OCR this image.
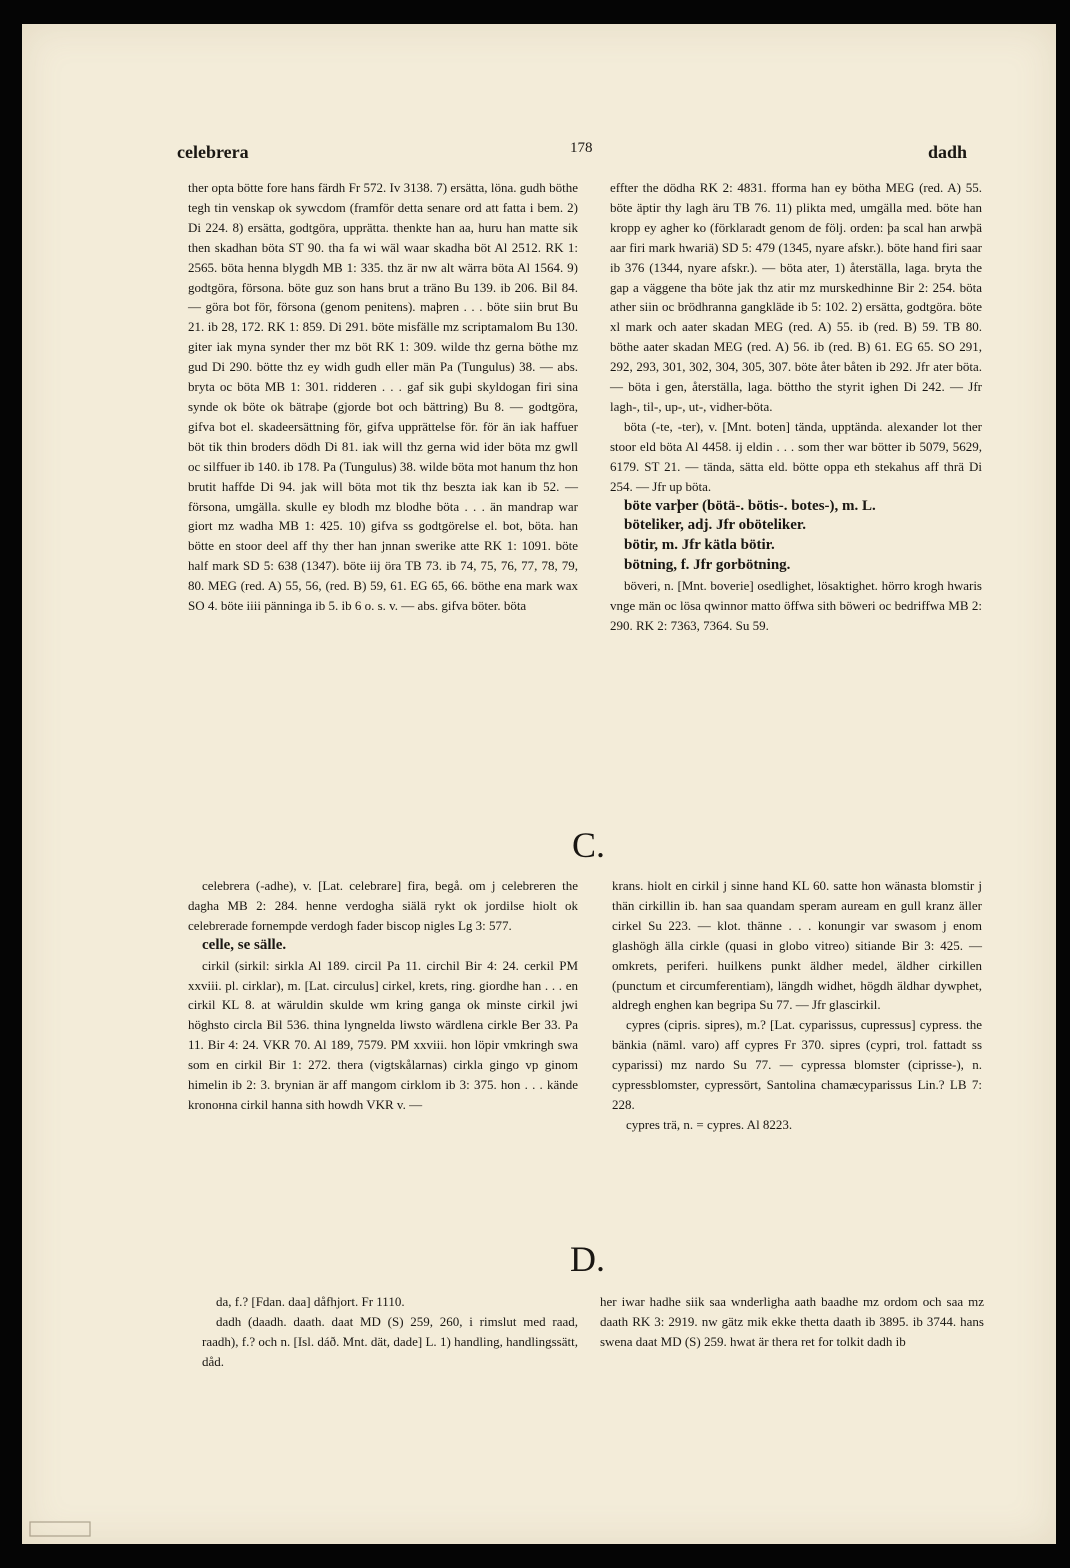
celebrera	178	dadh

ther opta bötte fore hans färdh Fr 572. Iv 3138. 7) ersätta, löna. gudh böthe tegh tin venskap ok sywcdom (framför detta senare ord att fatta i bem. 2) Di 224. 8) ersätta, godtgöra, upprätta. thenkte han aa, huru han matte sik then skadhan böta ST 90. tha fa wi wäl waar skadha böt Al 2512. RK 1: 2565. böta henna blygdh MB 1: 335. thz är nw alt wärra böta Al 1564. 9) godtgöra, försona. böte guz son hans brut a träno Bu 139. ib 206. Bil 84. — göra bot för, försona (genom penitens). maþren . . . böte siin brut Bu 21. ib 28, 172. RK 1: 859. Di 291. böte misfälle mz scriptamalom Bu 130. giter iak myna synder ther mz böt RK 1: 309. wilde thz gerna böthe mz gud Di 290. bötte thz ey widh gudh eller män Pa (Tungulus) 38. — abs. bryta oc böta MB 1: 301. ridderen . . . gaf sik guþi skyldogan firi sina synde ok böte ok bätraþe (gjorde bot och bättring) Bu 8. — godtgöra, gifva bot el. skadeersättning för, gifva upprättelse för. för än iak haffuer böt tik thin broders dödh Di 81. iak will thz gerna wid ider böta mz gwll oc silffuer ib 140. ib 178. Pa (Tungulus) 38. wilde böta mot hanum thz hon brutit haffde Di 94. jak will böta mot tik thz beszta iak kan ib 52. — försona, umgälla. skulle ey blodh mz blodhe böta . . . än mandrap war giort mz wadha MB 1: 425. 10) gifva ss godtgörelse el. bot, böta. han bötte en stoor deel aff thy ther han jnnan swerike atte RK 1: 1091. böte half mark SD 5: 638 (1347). böte iij öra TB 73. ib 74, 75, 76, 77, 78, 79, 80. MEG (red. A) 55, 56, (red. B) 59, 61. EG 65, 66. böthe ena mark wax SO 4. böte iiii pänninga ib 5. ib 6 o. s. v. — abs. gifva böter. böta

effter the dödha RK 2: 4831. fforma han ey bötha MEG (red. A) 55. böte äptir thy lagh äru TB 76. 11) plikta med, umgälla med. böte han kropp ey agher ko (förklaradt genom de följ. orden: þa scal han arwþä aar firi mark hwariä) SD 5: 479 (1345, nyare afskr.). böte hand firi saar ib 376 (1344, nyare afskr.). — böta ater, 1) återställa, laga. bryta the gap a väggene tha böte jak thz atir mz murskedhinne Bir 2: 254. böta ather siin oc brödhranna gangkläde ib 5: 102. 2) ersätta, godtgöra. böte xl mark och aater skadan MEG (red. A) 55. ib (red. B) 59. TB 80. böthe aater skadan MEG (red. A) 56. ib (red. B) 61. EG 65. SO 291, 292, 293, 301, 302, 304, 305, 307. böte åter båten ib 292. Jfr ater böta. — böta i gen, återställa, laga. böttho the styrit ighen Di 242. — Jfr lagh-, til-, up-, ut-, vidher-böta.

böta (-te, -ter), v. [Mnt. boten] tända, upptända. alexander lot ther stoor eld böta Al 4458. ij eldin . . . som ther war bötter ib 5079, 5629, 6179. ST 21. — tända, sätta eld. bötte oppa eth stekahus aff thrä Di 254. — Jfr up böta.

böte varþer (bötä-. bötis-. botes-), m. L.

böteliker, adj. Jfr oböteliker.

bötir, m. Jfr kätla bötir.

bötning, f. Jfr gorbötning.

böveri, n. [Mnt. boverie] osedlighet, lösaktighet. hörro krogh hwaris vnge män oc lösa qwinnor matto öffwa sith böweri oc bedriffwa MB 2: 290. RK 2: 7363, 7364. Su 59.

C.

celebrera (-adhe), v. [Lat. celebrare] fira, begå. om j celebreren the dagha MB 2: 284. henne verdogha siälä rykt ok jordilse hiolt ok celebrerade fornempde verdogh fader biscop nigles Lg 3: 577.

celle, se sälle.

cirkil (sirkil: sirkla Al 189. circil Pa 11. circhil Bir 4: 24. cerkil PM xxviii. pl. cirklar), m. [Lat. circulus] cirkel, krets, ring. giordhe han . . . en cirkil KL 8. at wäruldin skulde wm kring ganga ok minste cirkil jwi höghsto circla Bil 536. thina lyngnelda liwsto wärdlena cirkle Ber 33. Pa 11. Bir 4: 24. VKR 70. Al 189, 7579. PM xxviii. hon löpir vmkringh swa som en cirkil Bir 1: 272. thera (vigtskålarnas) cirkla gingo vp ginom himelin ib 2: 3. brynian är aff mangom cirklom ib 3: 375. hon . . . kände kronoнna cirkil hanna sith howdh VKR v. —

krans. hiolt en cirkil j sinne hand KL 60. satte hon wänasta blomstir j thän cirkillin ib. han saa quandam speram auream en gull kranz äller cirkel Su 223. — klot. thänne . . . konungir var swasom j enom glashögh älla cirkle (quasi in globo vitreo) sitiande Bir 3: 425. — omkrets, periferi. huilkens punkt äldher medel, äldher cirkillen (punctum et circumferentiam), längdh widhet, högdh äldhar dywphet, aldregh enghen kan begripa Su 77. — Jfr glascirkil.

cypres (cipris. sipres), m.? [Lat. cyparissus, cupressus] cypress. the bänkia (näml. varo) aff cypres Fr 370. sipres (cypri, trol. fattadt ss cyparissi) mz nardo Su 77. — cypressa blomster (ciprisse-), n. cypressblomster, cypressört, Santolina chamæcyparissus Lin.? LB 7: 228.

cypres trä, n. = cypres. Al 8223.

D.

da, f.? [Fdan. daa] dåfhjort. Fr 1110.

dadh (daadh. daath. daat MD (S) 259, 260, i rimslut med raad, raadh), f.? och n. [Isl. dáð. Mnt. dät, dade] L. 1) handling, handlingssätt, dåd.

her iwar hadhe siik saa wnderligha aath baadhe mz ordom och saa mz daath RK 3: 2919. nw gätz mik ekke thetta daath ib 3895. ib 3744. hans swena daat MD (S) 259. hwat är thera ret for tolkit dadh ib
